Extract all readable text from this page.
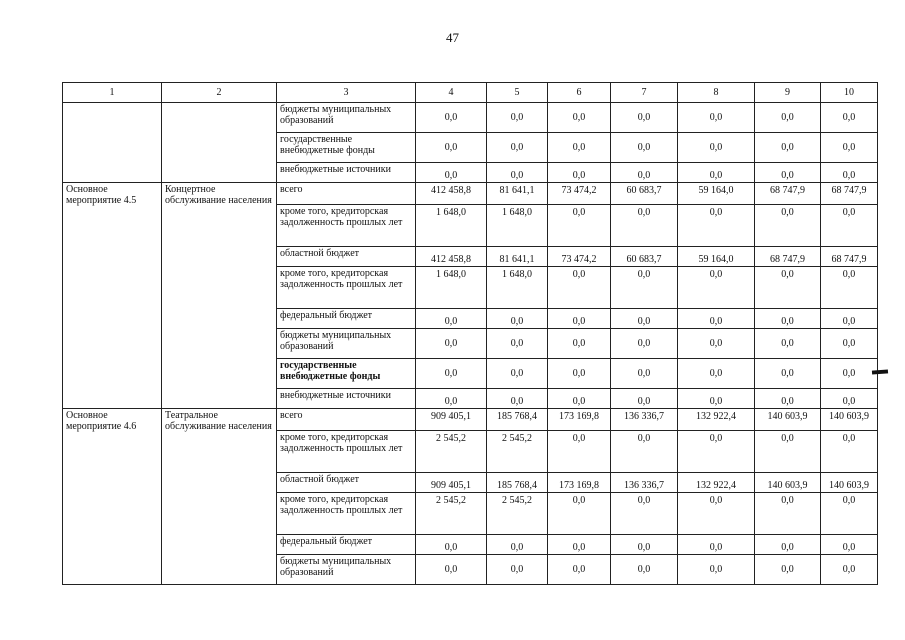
47
1	2	3	4	5	6	7	8	9	10
		бюджеты муниципальных образований	0,0	0,0	0,0	0,0	0,0	0,0	0,0
		государственные внебюджетные фонды	0,0	0,0	0,0	0,0	0,0	0,0	0,0
		внебюджетные источники	0,0	0,0	0,0	0,0	0,0	0,0	0,0
Основное мероприятие 4.5	Концертное обслуживание населения	всего	412 458,8	81 641,1	73 474,2	60 683,7	59 164,0	68 747,9	68 747,9
		кроме того, кредиторская задолженность прошлых лет	1 648,0	1 648,0	0,0	0,0	0,0	0,0	0,0
		областной бюджет	412 458,8	81 641,1	73 474,2	60 683,7	59 164,0	68 747,9	68 747,9
		кроме того, кредиторская задолженность прошлых лет	1 648,0	1 648,0	0,0	0,0	0,0	0,0	0,0
		федеральный бюджет	0,0	0,0	0,0	0,0	0,0	0,0	0,0
		бюджеты муниципальных образований	0,0	0,0	0,0	0,0	0,0	0,0	0,0
		государственные внебюджетные фонды	0,0	0,0	0,0	0,0	0,0	0,0	0,0
		внебюджетные источники	0,0	0,0	0,0	0,0	0,0	0,0	0,0
Основное мероприятие 4.6	Театральное обслуживание населения	всего	909 405,1	185 768,4	173 169,8	136 336,7	132 922,4	140 603,9	140 603,9
		кроме того, кредиторская задолженность прошлых лет	2 545,2	2 545,2	0,0	0,0	0,0	0,0	0,0
		областной бюджет	909 405,1	185 768,4	173 169,8	136 336,7	132 922,4	140 603,9	140 603,9
		кроме того, кредиторская задолженность прошлых лет	2 545,2	2 545,2	0,0	0,0	0,0	0,0	0,0
		федеральный бюджет	0,0	0,0	0,0	0,0	0,0	0,0	0,0
		бюджеты муниципальных образований	0,0	0,0	0,0	0,0	0,0	0,0	0,0
